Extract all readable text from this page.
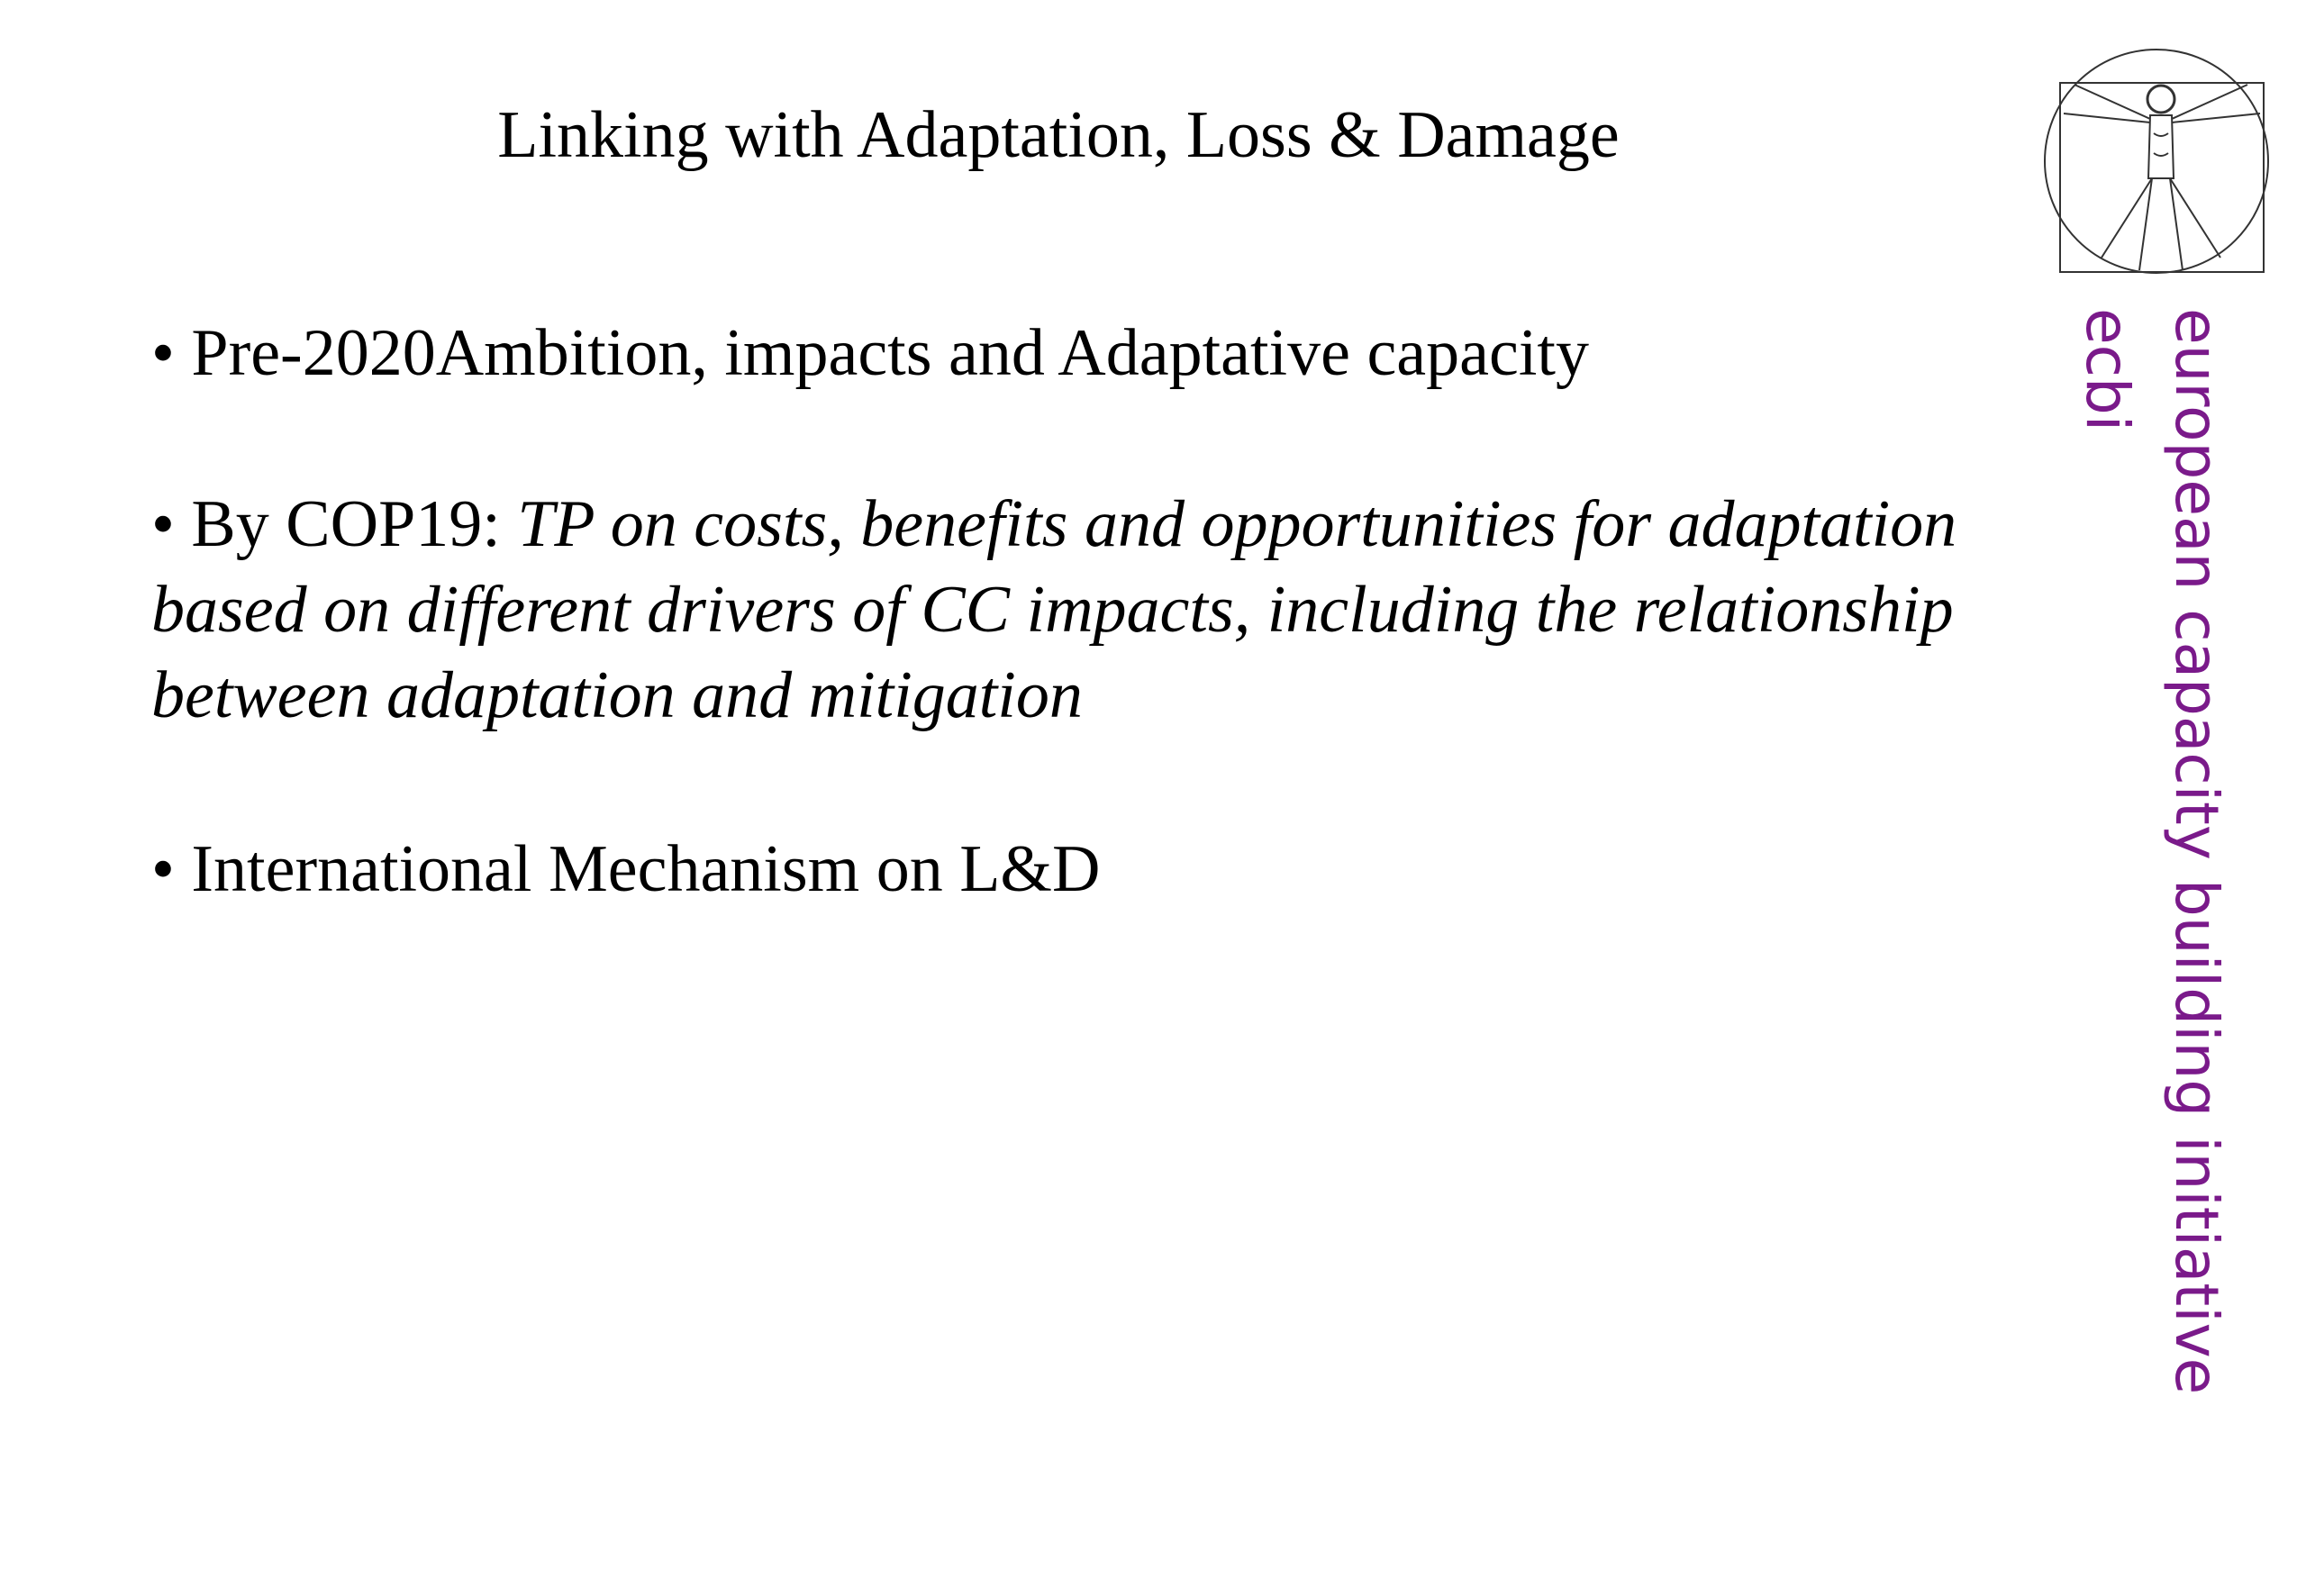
Linking with Adaptation, Loss & Damage
• Pre-2020Ambition, impacts and Adaptative capacity
• By COP19: TP on costs, benefits and opportunities for adaptation based on different drivers of CC impacts, including the relationship between adaptation and mitigation
• International Mechanism on L&D	european capacity building initiative
ecbi
